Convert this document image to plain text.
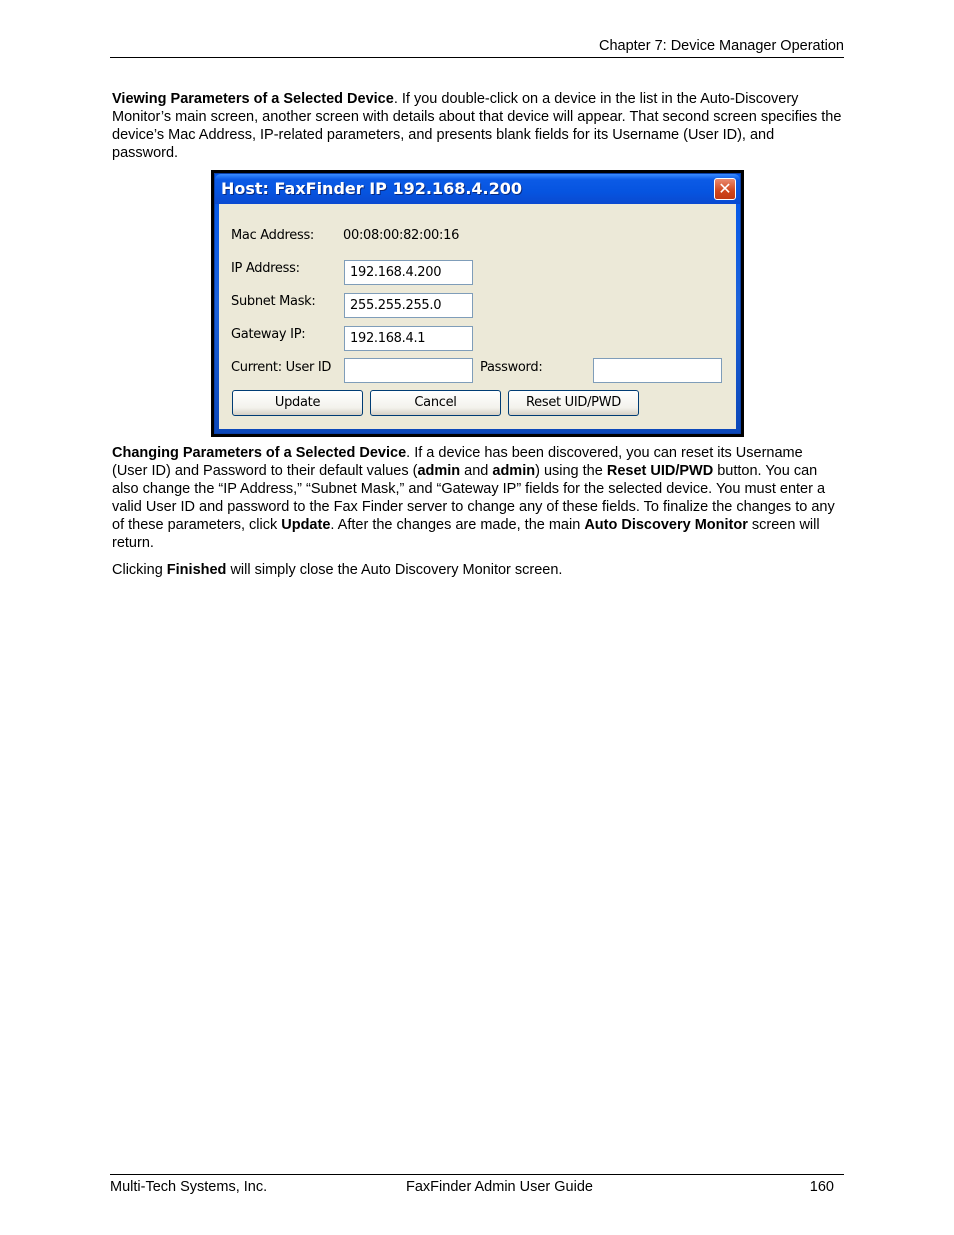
Chapter 7: Device Manager Operation

Viewing Parameters of a Selected Device. If you double-click on a device in the list in the Auto-Discovery Monitor’s main screen, another screen with details about that device will appear. That second screen specifies the device’s Mac Address, IP-related parameters, and presents blank fields for its Username (User ID), and password.

Host: FaxFinder IP 192.168.4.200	✕
Mac Address: 00:08:00:82:00:16
IP Address:	192.168.4.200
Subnet Mask:	255.255.255.0
Gateway IP:	192.168.4.1
Current: User ID	Password:
Update	Cancel	Reset UID/PWD

Changing Parameters of a Selected Device. If a device has been discovered, you can reset its Username (User ID) and Password to their default values (admin and admin) using the Reset UID/PWD button. You can also change the “IP Address,” “Subnet Mask,” and “Gateway IP” fields for the selected device. You must enter a valid User ID and password to the Fax Finder server to change any of these fields. To finalize the changes to any of these parameters, click Update. After the changes are made, the main Auto Discovery Monitor screen will return.

Clicking Finished will simply close the Auto Discovery Monitor screen.

Multi-Tech Systems, Inc.	FaxFinder Admin User Guide	160
